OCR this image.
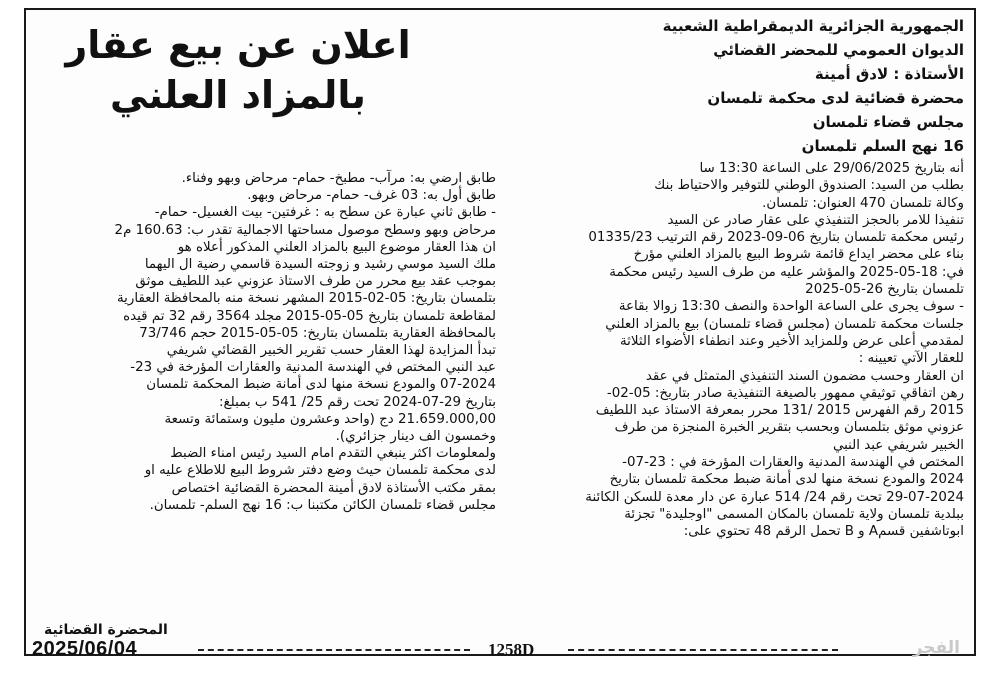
اعلان عن بيع عقار
بالمزاد العلني
الجمهورية الجزائرية الديمقراطية الشعبية
الديوان العمومي للمحضر القضائي
الأستاذة : لادق أمينة
محضرة قضائية لدى محكمة تلمسان
مجلس قضاء تلمسان
16 نهج السلم تلمسان

أنه بتاريخ 29/06/2025 على الساعة 13:30 سا

بطلب من السيد: الصندوق الوطني للتوفير والاحتياط بنك

وكالة تلمسان 470 العنوان: تلمسان.

تنفيذا للامر بالحجز التنفيذي على عقار صادر عن السيد

رئيس محكمة تلمسان بتاريخ 06-09-2023 رقم الترتيب 01335/23

بناء على محضر ايداع قائمة شروط البيع بالمزاد العلني مؤرخ

في: 18-05-2025 والمؤشر عليه من طرف السيد رئيس محكمة

تلمسان بتاريخ 26-05-2025

- سوف يجرى على الساعة الواحدة والنصف 13:30 زوالا بقاعة

جلسات محكمة تلمسان (مجلس قضاء تلمسان) بيع بالمزاد العلني

لمقدمي أعلى عرض وللمزايد الأخير وعند انطفاء الأضواء الثلاثة

للعقار الآتي تعيينه :

ان العقار وحسب مضمون السند التنفيذي المتمثل في عقد

رهن اتفاقي توثيقي ممهور بالصيغة التنفيذية صادر بتاريخ: 05-02-

2015 رقم الفهرس 2015 /131 محرر بمعرفة الاستاذ عبد اللطيف

عزوني موثق بتلمسان وبحسب بتقرير الخبرة المنجزة من طرف

الخبير شريفي عبد النبي

المختص في الهندسة المدنية والعقارات المؤرخة في : 23-07-

2024 والمودع نسخة منها لدى أمانة ضبط محكمة تلمسان بتاريخ

29-07-2024 تحت رقم 24/ 514 عبارة عن دار معدة للسكن الكائنة

ببلدية تلمسان ولاية تلمسان بالمكان المسمى "اوجليدة" تجزئة

ابوتاشفين قسمA و B تحمل الرقم 48 تحتوي على:

طابق ارضي به: مرآب- مطبخ- حمام- مرحاض وبهو وفناء.

طابق أول به: 03 غرف- حمام- مرحاض وبهو.

- طابق ثاني عبارة عن سطح به : غرفتين- بيت الغسيل- حمام-

مرحاض وبهو وسطح موصول مساحتها الاجمالية تقدر ب: 160.63 م2

ان هذا العقار موضوع البيع بالمزاد العلني المذكور أعلاه هو

ملك السيد موسي رشيد و زوجته السيدة قاسمي رضية ال اليهما

بموجب عقد بيع محرر من طرف الاستاذ عزوني عبد اللطيف موثق

بتلمسان بتاريخ: 05-02-2015 المشهر نسخة منه بالمحافظة العقارية

لمقاطعة تلمسان بتاريخ 05-05-2015 مجلد 3564 رقم 32 تم قيده

بالمحافظة العقارية بتلمسان بتاريخ: 05-05-2015 حجم 73/746

تبدأ المزايدة لهذا العقار حسب تقرير الخبير القضائي شريفي

عبد النبي المختص في الهندسة المدنية والعقارات المؤرخة في 23-

07-2024 والمودع نسخة منها لدى أمانة ضبط المحكمة تلمسان

بتاريخ 29-07-2024 تحت رقم 25/ 541 ب بمبلغ:

21.659.000,00 دج (واحد وعشرون مليون وستمائة وتسعة

وخمسون الف دينار جزائري).

ولمعلومات اكثر ينبغي التقدم امام السيد رئيس امناء الضبط

لدى محكمة تلمسان حيث وضع دفتر شروط البيع للاطلاع عليه او

بمقر مكتب الأستاذة لادق أمينة المحضرة القضائية اختصاص

مجلس قضاء تلمسان الكائن مكتبنا ب: 16 نهج السلم- تلمسان.

المحضرة القضائية
2025/06/04	1258D	الفجر
